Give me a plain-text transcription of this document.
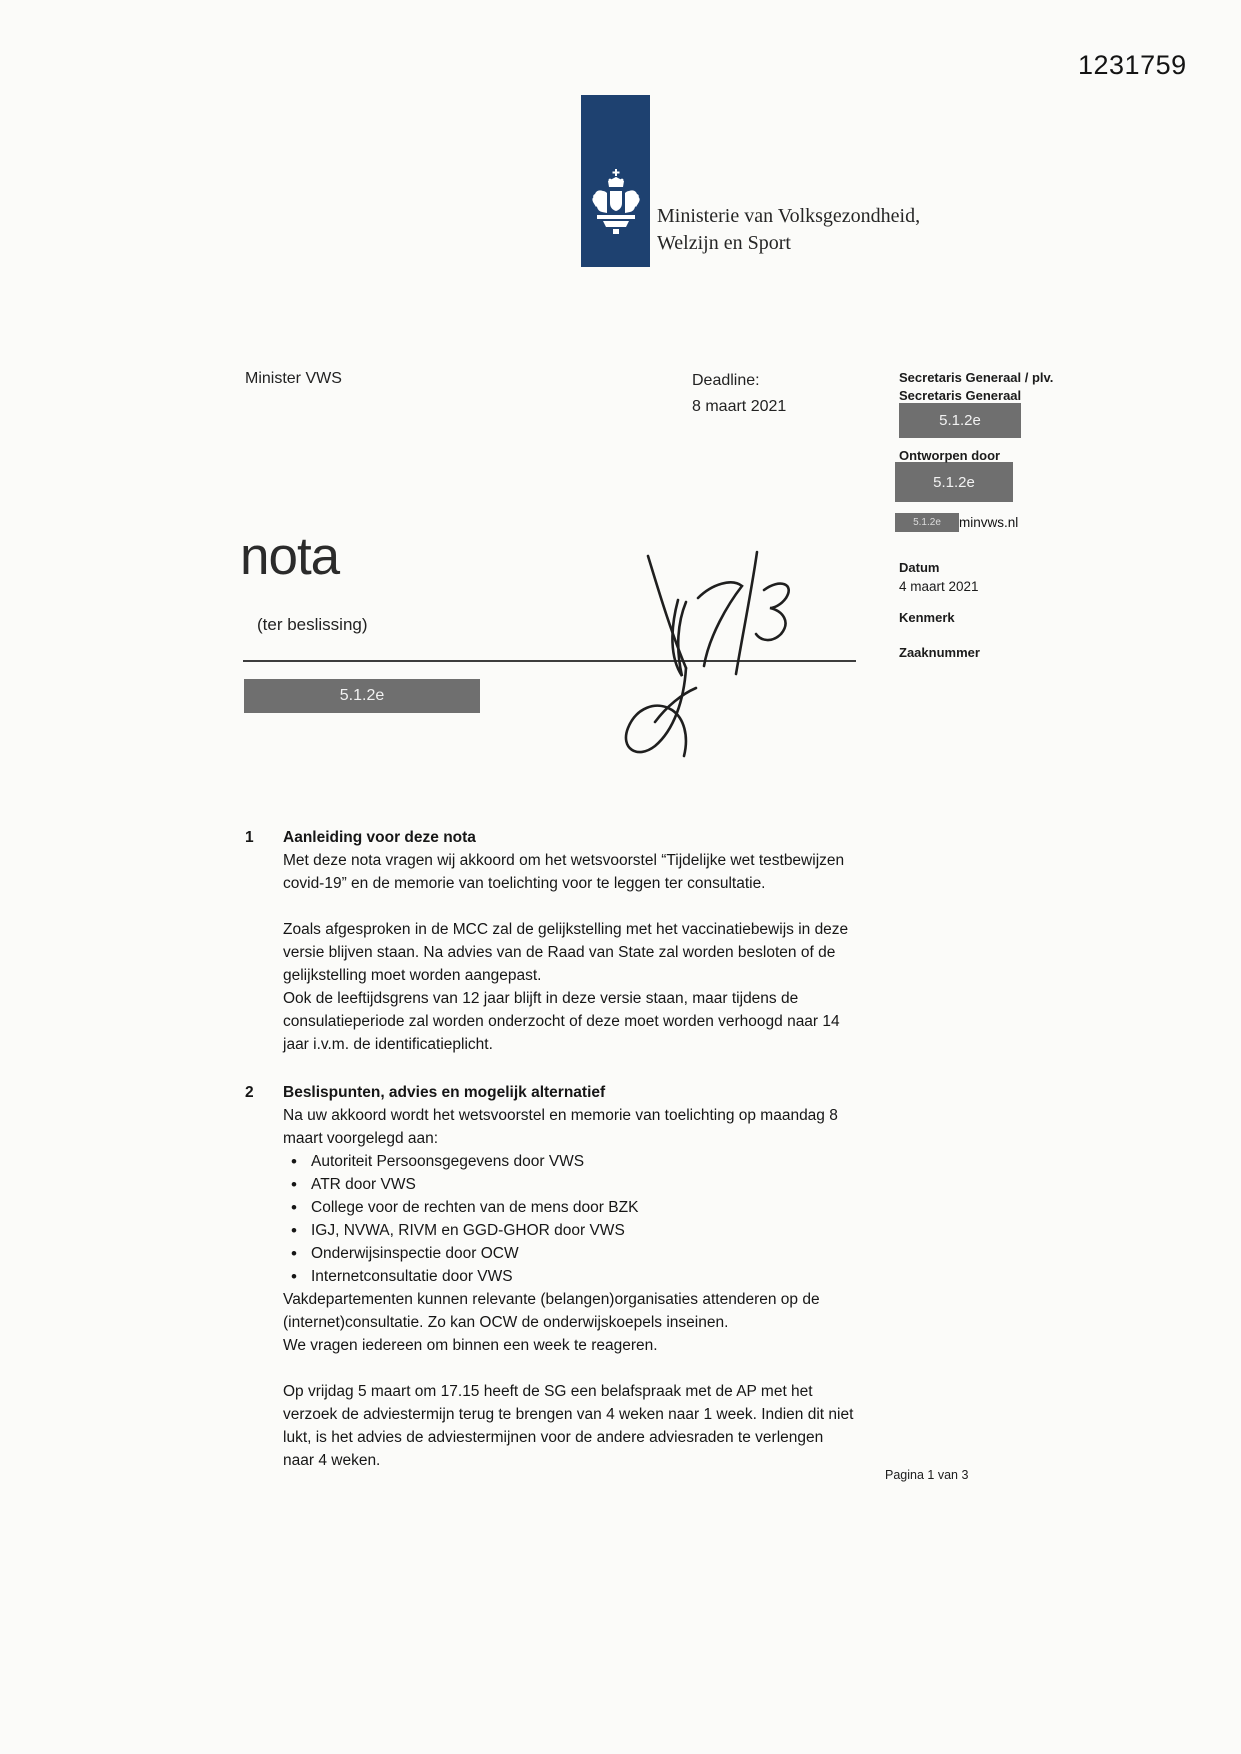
1231759
Ministerie van Volksgezondheid,
Welzijn en Sport
Minister VWS	Deadline:
8 maart 2021
Secretaris Generaal / plv.
Secretaris Generaal
5.1.2e
Ontworpen door
5.1.2e
5.1.2e	minvws.nl
Datum
4 maart 2021
Kenmerk
Zaaknummer
nota
(ter beslissing)
5.1.2e
1	Aanleiding voor deze nota

Met deze nota vragen wij akkoord om het wetsvoorstel “Tijdelijke wet testbewijzen covid-19” en de memorie van toelichting voor te leggen ter consultatie.

Zoals afgesproken in de MCC zal de gelijkstelling met het vaccinatiebewijs in deze versie blijven staan. Na advies van de Raad van State zal worden besloten of de gelijkstelling moet worden aangepast.

Ook de leeftijdsgrens van 12 jaar blijft in deze versie staan, maar tijdens de consulatieperiode zal worden onderzocht of deze moet worden verhoogd naar 14 jaar i.v.m. de identificatieplicht.

2	Beslispunten, advies en mogelijk alternatief

Na uw akkoord wordt het wetsvoorstel en memorie van toelichting op maandag 8 maart voorgelegd aan:

• Autoriteit Persoonsgegevens door VWS
• ATR door VWS
• College voor de rechten van de mens door BZK
• IGJ, NVWA, RIVM en GGD-GHOR door VWS
• Onderwijsinspectie door OCW
• Internetconsultatie door VWS

Vakdepartementen kunnen relevante (belangen)organisaties attenderen op de (internet)consultatie. Zo kan OCW de onderwijskoepels inseinen.

We vragen iedereen om binnen een week te reageren.

Op vrijdag 5 maart om 17.15 heeft de SG een belafspraak met de AP met het verzoek de adviestermijn terug te brengen van 4 weken naar 1 week. Indien dit niet lukt, is het advies de adviestermijnen voor de andere adviesraden te verlengen naar 4 weken.

Pagina 1 van 3
